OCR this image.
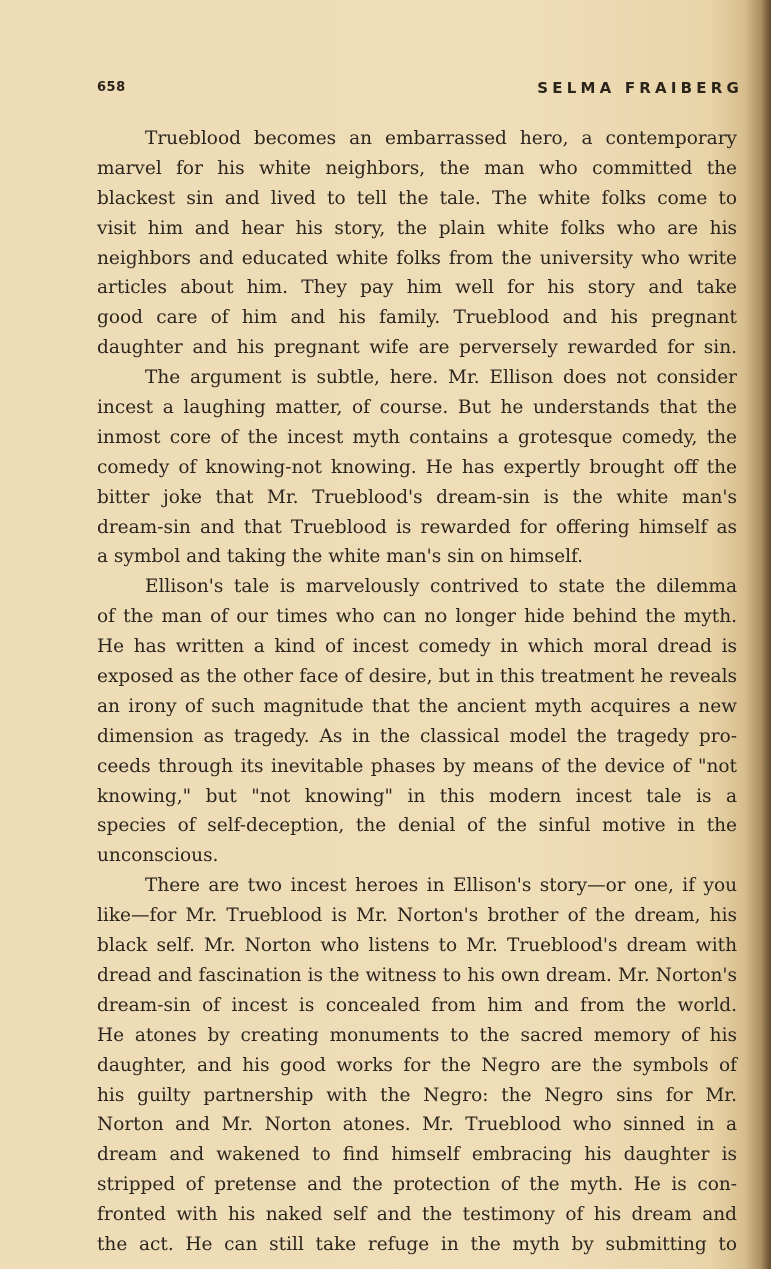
658	SELMA FRAIBERG

Trueblood becomes an embarrassed hero, a contemporary
marvel for his white neighbors, the man who committed the
blackest sin and lived to tell the tale. The white folks come to
visit him and hear his story, the plain white folks who are his
neighbors and educated white folks from the university who write
articles about him. They pay him well for his story and take
good care of him and his family. Trueblood and his pregnant
daughter and his pregnant wife are perversely rewarded for sin.

The argument is subtle, here. Mr. Ellison does not consider
incest a laughing matter, of course. But he understands that the
inmost core of the incest myth contains a grotesque comedy, the
comedy of knowing-not knowing. He has expertly brought off the
bitter joke that Mr. Trueblood's dream-sin is the white man's
dream-sin and that Trueblood is rewarded for offering himself as
a symbol and taking the white man's sin on himself.

Ellison's tale is marvelously contrived to state the dilemma
of the man of our times who can no longer hide behind the myth.
He has written a kind of incest comedy in which moral dread is
exposed as the other face of desire, but in this treatment he reveals
an irony of such magnitude that the ancient myth acquires a new
dimension as tragedy. As in the classical model the tragedy pro-
ceeds through its inevitable phases by means of the device of "not
knowing," but "not knowing" in this modern incest tale is a
species of self-deception, the denial of the sinful motive in the
unconscious.

There are two incest heroes in Ellison's story—or one, if you
like—for Mr. Trueblood is Mr. Norton's brother of the dream, his
black self. Mr. Norton who listens to Mr. Trueblood's dream with
dread and fascination is the witness to his own dream. Mr. Norton's
dream-sin of incest is concealed from him and from the world.
He atones by creating monuments to the sacred memory of his
daughter, and his good works for the Negro are the symbols of
his guilty partnership with the Negro: the Negro sins for Mr.
Norton and Mr. Norton atones. Mr. Trueblood who sinned in a
dream and wakened to find himself embracing his daughter is
stripped of pretense and the protection of the myth. He is con-
fronted with his naked self and the testimony of his dream and
the act. He can still take refuge in the myth by submitting to
